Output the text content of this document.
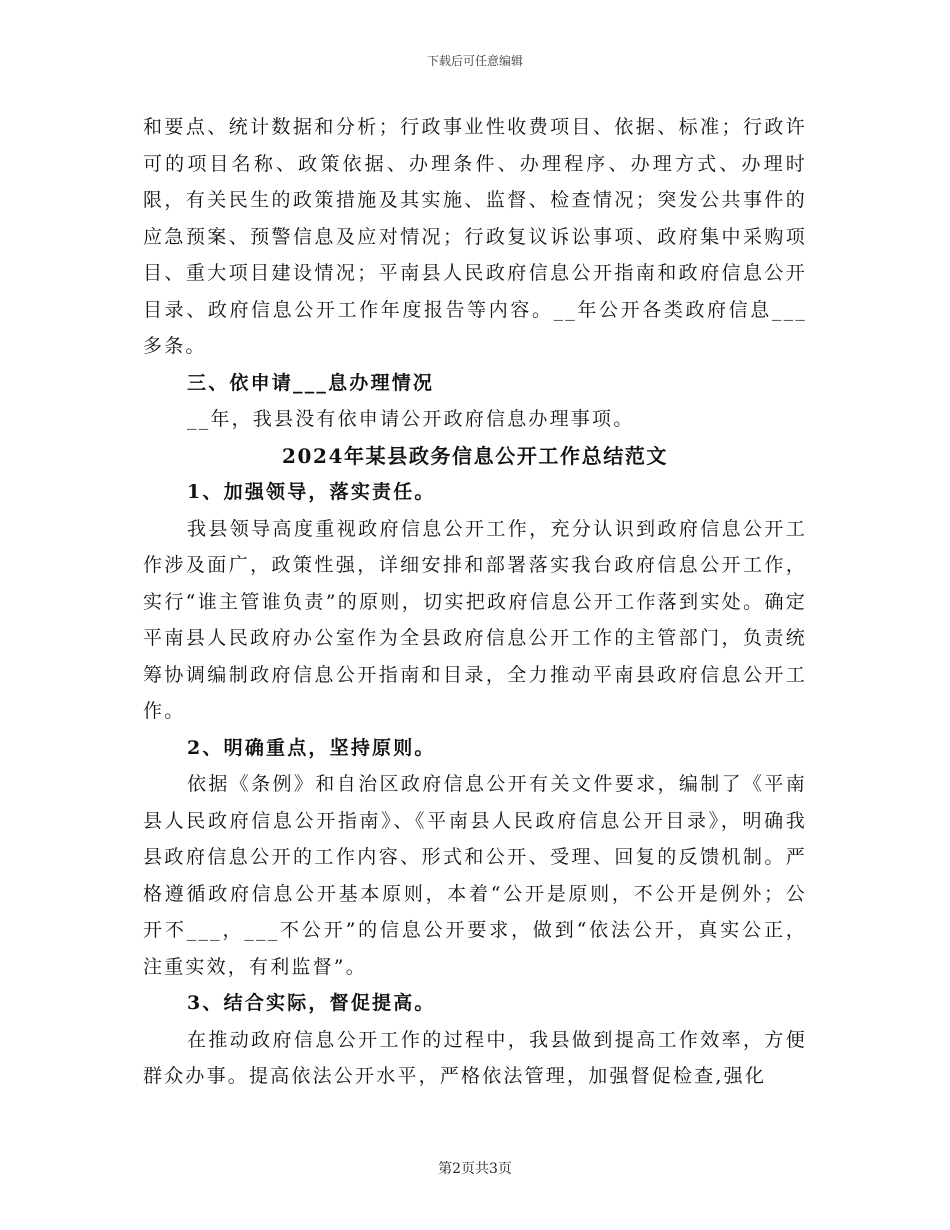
下载后可任意编辑

和要点、统计数据和分析；行政事业性收费项目、依据、标准；行政许可的项目名称、政策依据、办理条件、办理程序、办理方式、办理时限，有关民生的政策措施及其实施、监督、检查情况；突发公共事件的应急预案、预警信息及应对情况；行政复议诉讼事项、政府集中采购项目、重大项目建设情况；平南县人民政府信息公开指南和政府信息公开目录、政府信息公开工作年度报告等内容。__年公开各类政府信息___多条。

三、依申请___息办理情况

__年，我县没有依申请公开政府信息办理事项。

2024年某县政务信息公开工作总结范文

1、加强领导，落实责任。

我县领导高度重视政府信息公开工作，充分认识到政府信息公开工作涉及面广，政策性强，详细安排和部署落实我台政府信息公开工作，实行“谁主管谁负责”的原则，切实把政府信息公开工作落到实处。确定平南县人民政府办公室作为全县政府信息公开工作的主管部门，负责统筹协调编制政府信息公开指南和目录，全力推动平南县政府信息公开工作。

2、明确重点，坚持原则。

依据《条例》和自治区政府信息公开有关文件要求，编制了《平南县人民政府信息公开指南》、《平南县人民政府信息公开目录》，明确我县政府信息公开的工作内容、形式和公开、受理、回复的反馈机制。严格遵循政府信息公开基本原则，本着“公开是原则，不公开是例外；公开不___，___不公开”的信息公开要求，做到“依法公开，真实公正，注重实效，有利监督”。

3、结合实际，督促提高。

在推动政府信息公开工作的过程中，我县做到提高工作效率，方便群众办事。提高依法公开水平，严格依法管理，加强督促检查,强化

第2页共3页
